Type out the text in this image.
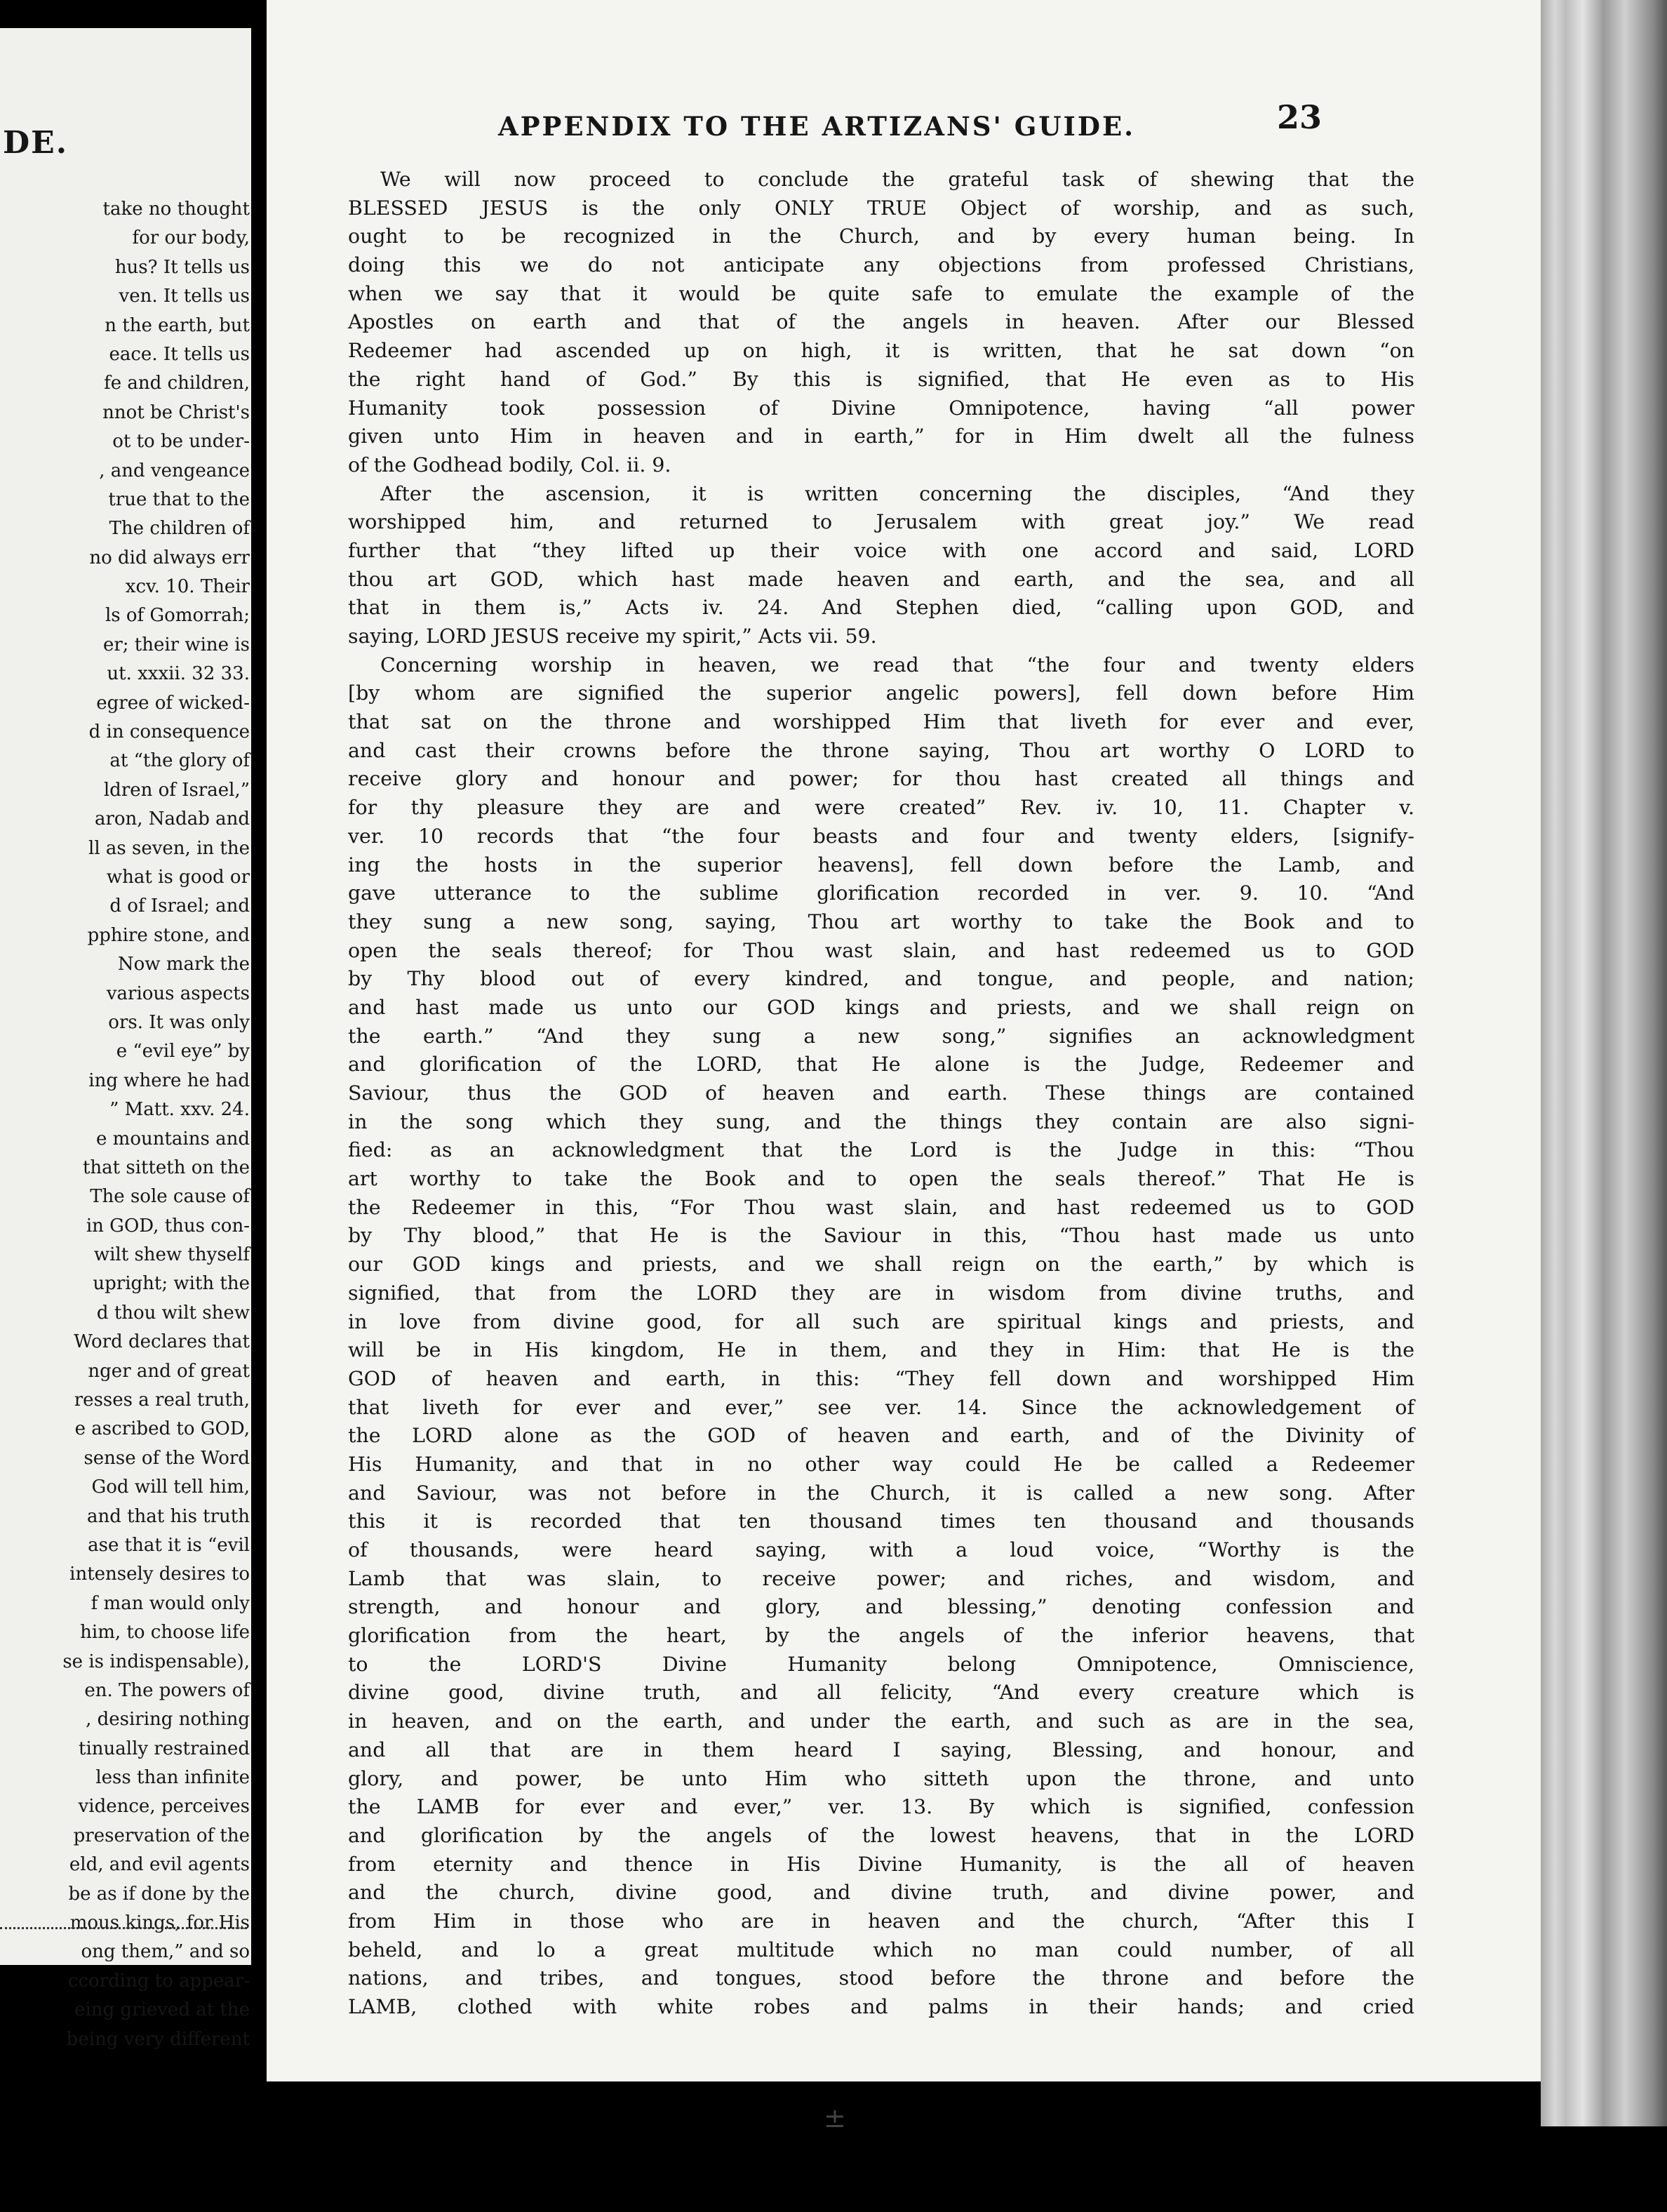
DE.
take no thought
for our body,
hus? It tells us
ven. It tells us
n the earth, but
eace. It tells us
fe and children,
nnot be Christ's
ot to be under-
, and vengeance
true that to the
The children of
no did always err
xcv. 10. Their
ls of Gomorrah;
er; their wine is
ut. xxxii. 32 33.
egree of wicked-
d in consequence
at “the glory of
ldren of Israel,”
aron, Nadab and
ll as seven, in the
what is good or
d of Israel; and
pphire stone, and
Now mark the
various aspects
ors. It was only
e “evil eye” by
ing where he had
” Matt. xxv. 24.
e mountains and
that sitteth on the
The sole cause of
in GOD, thus con-
wilt shew thyself
upright; with the
d thou wilt shew
Word declares that
nger and of great
resses a real truth,
e ascribed to GOD,
sense of the Word
God will tell him,
and that his truth
ase that it is “evil
intensely desires to
f man would only
him, to choose life
se is indispensable),
en. The powers of
, desiring nothing
tinually restrained
less than infinite
vidence, perceives
preservation of the
eld, and evil agents
be as if done by the
mous kings, for His
ong them,” and so
ccording to appear-
eing grieved at the
being very different
APPENDIX TO THE ARTIZANS' GUIDE.	23
We will now proceed to conclude the grateful task of shewing that the
BLESSED JESUS is the only ONLY TRUE Object of worship, and as such,
ought to be recognized in the Church, and by every human being. In
doing this we do not anticipate any objections from professed Christians,
when we say that it would be quite safe to emulate the example of the
Apostles on earth and that of the angels in heaven. After our Blessed
Redeemer had ascended up on high, it is written, that he sat down “on
the right hand of God.” By this is signified, that He even as to His
Humanity took possession of Divine Omnipotence, having “all power
given unto Him in heaven and in earth,” for in Him dwelt all the fulness
of the Godhead bodily, Col. ii. 9.
After the ascension, it is written concerning the disciples, “And they
worshipped him, and returned to Jerusalem with great joy.” We read
further that “they lifted up their voice with one accord and said, LORD
thou art GOD, which hast made heaven and earth, and the sea, and all
that in them is,” Acts iv. 24. And Stephen died, “calling upon GOD, and
saying, LORD JESUS receive my spirit,” Acts vii. 59.
Concerning worship in heaven, we read that “the four and twenty elders
[by whom are signified the superior angelic powers], fell down before Him
that sat on the throne and worshipped Him that liveth for ever and ever,
and cast their crowns before the throne saying, Thou art worthy O LORD to
receive glory and honour and power; for thou hast created all things and
for thy pleasure they are and were created” Rev. iv. 10, 11. Chapter v.
ver. 10 records that “the four beasts and four and twenty elders, [signify-
ing the hosts in the superior heavens], fell down before the Lamb, and
gave utterance to the sublime glorification recorded in ver. 9. 10. “And
they sung a new song, saying, Thou art worthy to take the Book and to
open the seals thereof; for Thou wast slain, and hast redeemed us to GOD
by Thy blood out of every kindred, and tongue, and people, and nation;
and hast made us unto our GOD kings and priests, and we shall reign on
the earth.” “And they sung a new song,” signifies an acknowledgment
and glorification of the LORD, that He alone is the Judge, Redeemer and
Saviour, thus the GOD of heaven and earth. These things are contained
in the song which they sung, and the things they contain are also signi-
fied: as an acknowledgment that the Lord is the Judge in this: “Thou
art worthy to take the Book and to open the seals thereof.” That He is
the Redeemer in this, “For Thou wast slain, and hast redeemed us to GOD
by Thy blood,” that He is the Saviour in this, “Thou hast made us unto
our GOD kings and priests, and we shall reign on the earth,” by which is
signified, that from the LORD they are in wisdom from divine truths, and
in love from divine good, for all such are spiritual kings and priests, and
will be in His kingdom, He in them, and they in Him: that He is the
GOD of heaven and earth, in this: “They fell down and worshipped Him
that liveth for ever and ever,” see ver. 14. Since the acknowledgement of
the LORD alone as the GOD of heaven and earth, and of the Divinity of
His Humanity, and that in no other way could He be called a Redeemer
and Saviour, was not before in the Church, it is called a new song. After
this it is recorded that ten thousand times ten thousand and thousands
of thousands, were heard saying, with a loud voice, “Worthy is the
Lamb that was slain, to receive power; and riches, and wisdom, and
strength, and honour and glory, and blessing,” denoting confession and
glorification from the heart, by the angels of the inferior heavens, that
to the LORD'S Divine Humanity belong Omnipotence, Omniscience,
divine good, divine truth, and all felicity, “And every creature which is
in heaven, and on the earth, and under the earth, and such as are in the sea,
and all that are in them heard I saying, Blessing, and honour, and
glory, and power, be unto Him who sitteth upon the throne, and unto
the LAMB for ever and ever,” ver. 13. By which is signified, confession
and glorification by the angels of the lowest heavens, that in the LORD
from eternity and thence in His Divine Humanity, is the all of heaven
and the church, divine good, and divine truth, and divine power, and
from Him in those who are in heaven and the church, “After this I
beheld, and lo a great multitude which no man could number, of all
nations, and tribes, and tongues, stood before the throne and before the
LAMB, clothed with white robes and palms in their hands; and cried
±
